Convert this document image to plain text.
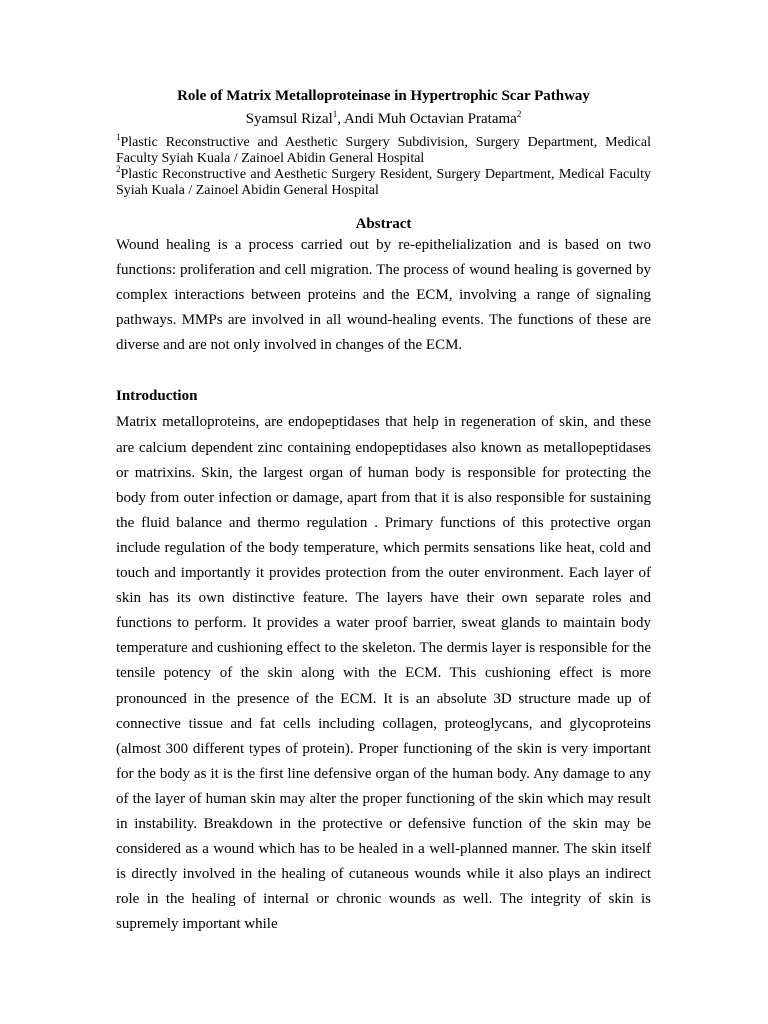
Role of Matrix Metalloproteinase in Hypertrophic Scar Pathway
Syamsul Rizal$^1$, Andi Muh Octavian Pratama$^2$
$^1$Plastic Reconstructive and Aesthetic Surgery Subdivision, Surgery Department, Medical Faculty Syiah Kuala / Zainoel Abidin General Hospital
$^2$Plastic Reconstructive and Aesthetic Surgery Resident, Surgery Department, Medical Faculty Syiah Kuala / Zainoel Abidin General Hospital
Abstract

Wound healing is a process carried out by re-epithelialization and is based on two functions: proliferation and cell migration. The process of wound healing is governed by complex interactions between proteins and the ECM, involving a range of signaling pathways. MMPs are involved in all wound-healing events. The functions of these are diverse and are not only involved in changes of the ECM.

Introduction

Matrix metalloproteins, are endopeptidases that help in regeneration of skin, and these are calcium dependent zinc containing endopeptidases also known as metallopeptidases or matrixins. Skin, the largest organ of human body is responsible for protecting the body from outer infection or damage, apart from that it is also responsible for sustaining the fluid balance and thermo regulation . Primary functions of this protective organ include regulation of the body temperature, which permits sensations like heat, cold and touch and importantly it provides protection from the outer environment. Each layer of skin has its own distinctive feature. The layers have their own separate roles and functions to perform. It provides a water proof barrier, sweat glands to maintain body temperature and cushioning effect to the skeleton. The dermis layer is responsible for the tensile potency of the skin along with the ECM. This cushioning effect is more pronounced in the presence of the ECM. It is an absolute 3D structure made up of connective tissue and fat cells including collagen, proteoglycans, and glycoproteins (almost 300 different types of protein). Proper functioning of the skin is very important for the body as it is the first line defensive organ of the human body. Any damage to any of the layer of human skin may alter the proper functioning of the skin which may result in instability. Breakdown in the protective or defensive function of the skin may be considered as a wound which has to be healed in a well-planned manner. The skin itself is directly involved in the healing of cutaneous wounds while it also plays an indirect role in the healing of internal or chronic wounds as well. The integrity of skin is supremely important while
